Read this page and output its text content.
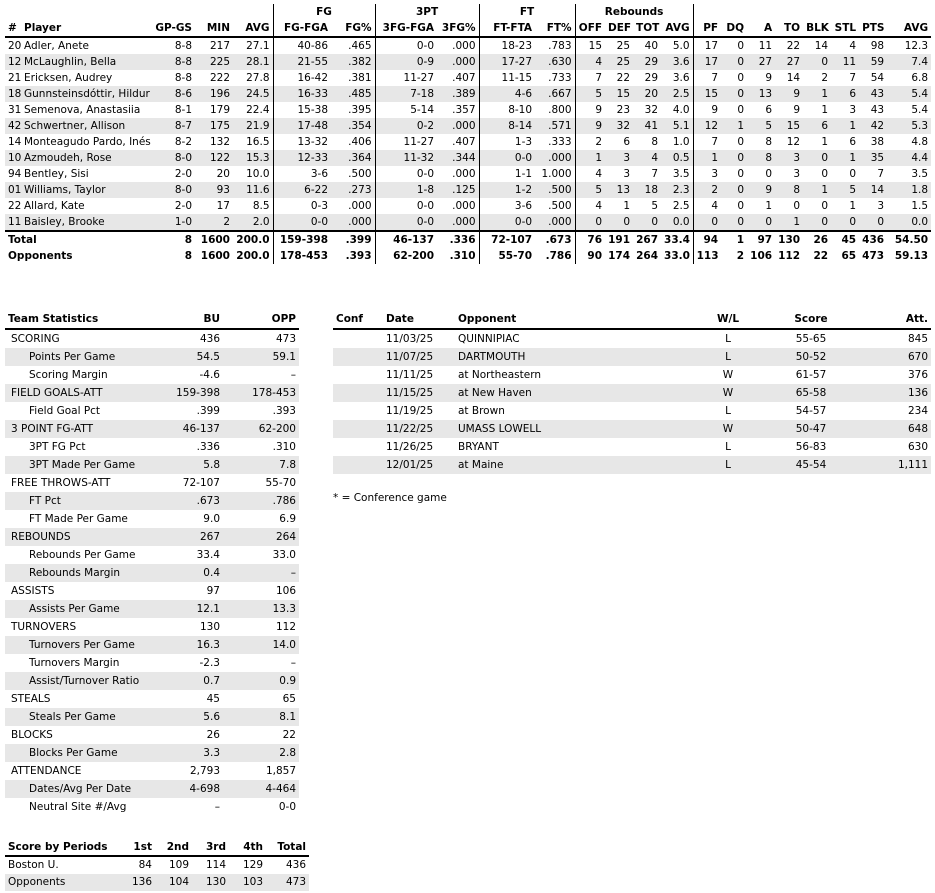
					FG		3PT		FT		Rebounds											
#	Player	GP-GS	MIN	AVG	FG-FGA	FG%	3FG-FGA	3FG%	FT-FTA	FT%	OFF	DEF	TOT	AVG	PF	DQ	A	TO	BLK	STL	PTS	AVG
20	Adler, Anete	8-8	217	27.1	40-86	.465	0-0	.000	18-23	.783	15	25	40	5.0	17	0	11	22	14	4	98	12.3
12	McLaughlin, Bella	8-8	225	28.1	21-55	.382	0-9	.000	17-27	.630	4	25	29	3.6	17	0	27	27	0	11	59	7.4
21	Ericksen, Audrey	8-8	222	27.8	16-42	.381	11-27	.407	11-15	.733	7	22	29	3.6	7	0	9	14	2	7	54	6.8
18	Gunnsteinsdóttir, Hildur	8-6	196	24.5	16-33	.485	7-18	.389	4-6	.667	5	15	20	2.5	15	0	13	9	1	6	43	5.4
31	Semenova, Anastasiia	8-1	179	22.4	15-38	.395	5-14	.357	8-10	.800	9	23	32	4.0	9	0	6	9	1	3	43	5.4
42	Schwertner, Allison	8-7	175	21.9	17-48	.354	0-2	.000	8-14	.571	9	32	41	5.1	12	1	5	15	6	1	42	5.3
14	Monteagudo Pardo, Inés	8-2	132	16.5	13-32	.406	11-27	.407	1-3	.333	2	6	8	1.0	7	0	8	12	1	6	38	4.8
10	Azmoudeh, Rose	8-0	122	15.3	12-33	.364	11-32	.344	0-0	.000	1	3	4	0.5	1	0	8	3	0	1	35	4.4
94	Bentley, Sisi	2-0	20	10.0	3-6	.500	0-0	.000	1-1	1.000	4	3	7	3.5	3	0	0	3	0	0	7	3.5
01	Williams, Taylor	8-0	93	11.6	6-22	.273	1-8	.125	1-2	.500	5	13	18	2.3	2	0	9	8	1	5	14	1.8
22	Allard, Kate	2-0	17	8.5	0-3	.000	0-0	.000	3-6	.500	4	1	5	2.5	4	0	1	0	0	1	3	1.5
11	Baisley, Brooke	1-0	2	2.0	0-0	.000	0-0	.000	0-0	.000	0	0	0	0.0	0	0	0	1	0	0	0	0.0
Total		8	1600	200.0	159-398	.399	46-137	.336	72-107	.673	76	191	267	33.4	94	1	97	130	26	45	436	54.50
Opponents		8	1600	200.0	178-453	.393	62-200	.310	55-70	.786	90	174	264	33.0	113	2	106	112	22	65	473	59.13
Team Statistics	BU	OPP
SCORING	436	473
Points Per Game	54.5	59.1
Scoring Margin	-4.6	–
FIELD GOALS-ATT	159-398	178-453
Field Goal Pct	.399	.393
3 POINT FG-ATT	46-137	62-200
3PT FG Pct	.336	.310
3PT Made Per Game	5.8	7.8
FREE THROWS-ATT	72-107	55-70
FT Pct	.673	.786
FT Made Per Game	9.0	6.9
REBOUNDS	267	264
Rebounds Per Game	33.4	33.0
Rebounds Margin	0.4	–
ASSISTS	97	106
Assists Per Game	12.1	13.3
TURNOVERS	130	112
Turnovers Per Game	16.3	14.0
Turnovers Margin	-2.3	–
Assist/Turnover Ratio	0.7	0.9
STEALS	45	65
Steals Per Game	5.6	8.1
BLOCKS	26	22
Blocks Per Game	3.3	2.8
ATTENDANCE	2,793	1,857
Dates/Avg Per Date	4-698	4-464
Neutral Site #/Avg	–	0-0
Conf	Date	Opponent	W/L	Score	Att.
	11/03/25	QUINNIPIAC	L	55-65	845
	11/07/25	DARTMOUTH	L	50-52	670
	11/11/25	at Northeastern	W	61-57	376
	11/15/25	at New Haven	W	65-58	136
	11/19/25	at Brown	L	54-57	234
	11/22/25	UMASS LOWELL	W	50-47	648
	11/26/25	BRYANT	L	56-83	630
	12/01/25	at Maine	L	45-54	1,111
* = Conference game
Score by Periods	1st	2nd	3rd	4th	Total
Boston U.	84	109	114	129	436
Opponents	136	104	130	103	473
